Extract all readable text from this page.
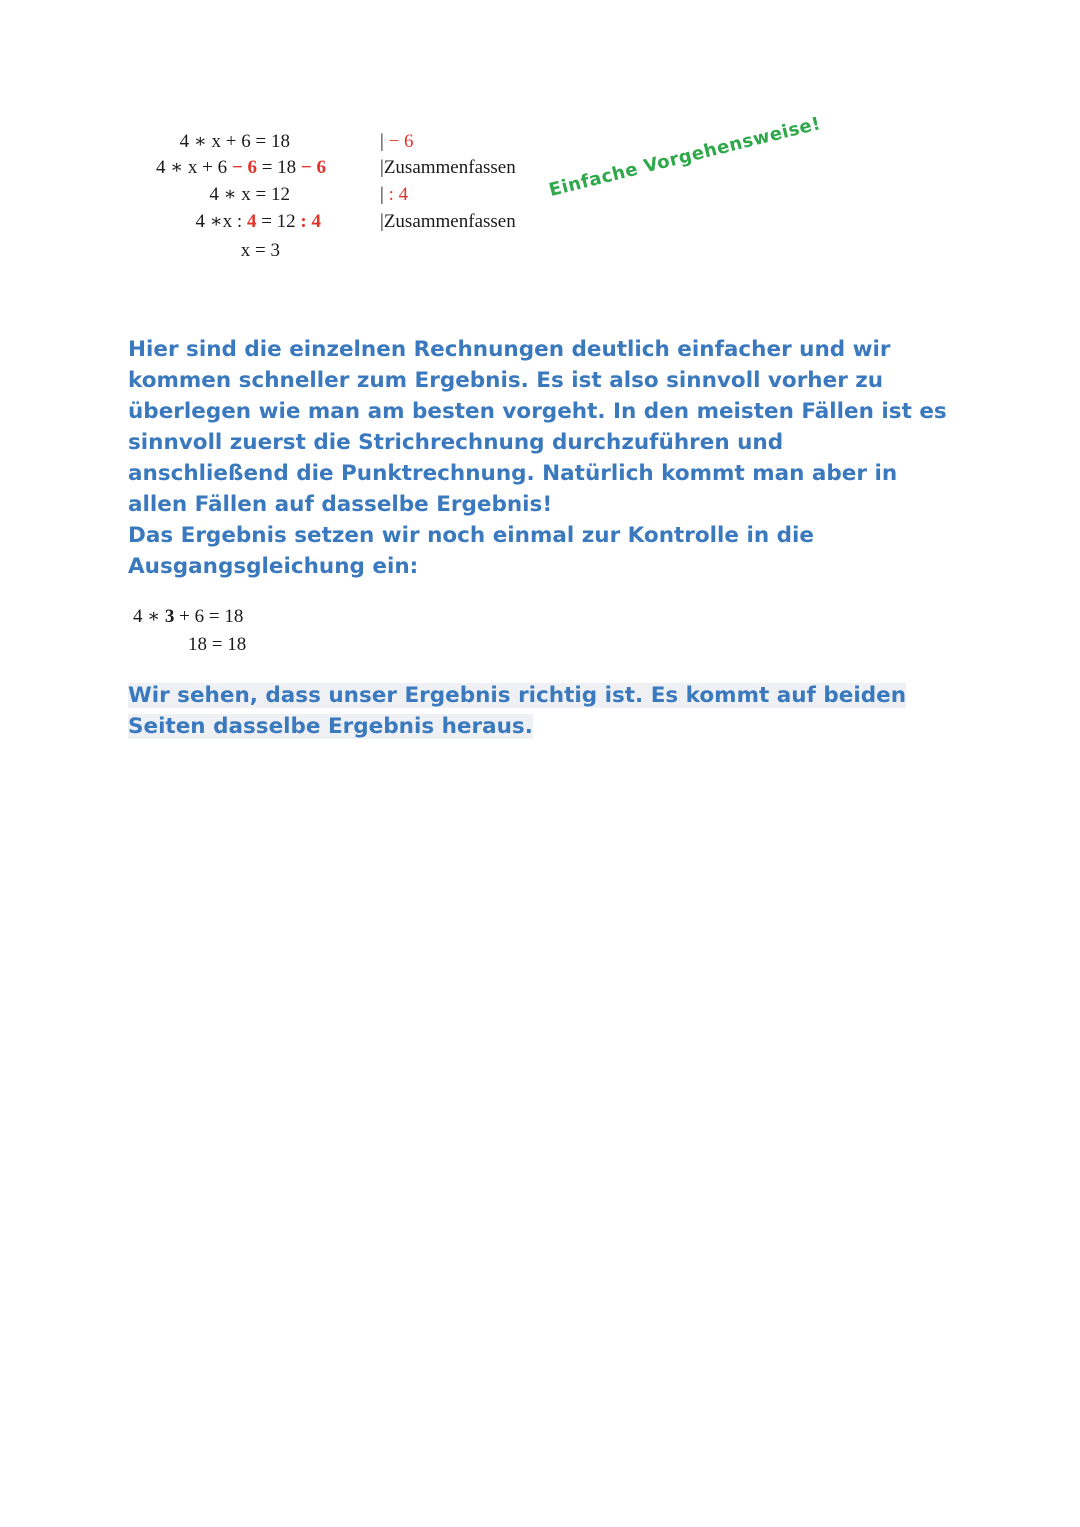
4 ∗ x + 6 = 18
4 ∗ x + 6 − 6 = 18 − 6
4 ∗ x = 12
4 ∗x : 4 = 12 : 4
x = 3
| − 6
|Zusammenfassen
| : 4
|Zusammenfassen
Einfache Vorgehensweise!

Hier sind die einzelnen Rechnungen deutlich einfacher und wir

kommen schneller zum Ergebnis. Es ist also sinnvoll vorher zu

überlegen wie man am besten vorgeht. In den meisten Fällen ist es

sinnvoll zuerst die Strichrechnung durchzuführen und

anschließend die Punktrechnung. Natürlich kommt man aber in

allen Fällen auf dasselbe Ergebnis!

Das Ergebnis setzen wir noch einmal zur Kontrolle in die

Ausgangsgleichung ein:

4 ∗ 3 + 6 = 18
18 = 18

Wir sehen, dass unser Ergebnis richtig ist. Es kommt auf beiden

Seiten dasselbe Ergebnis heraus.
